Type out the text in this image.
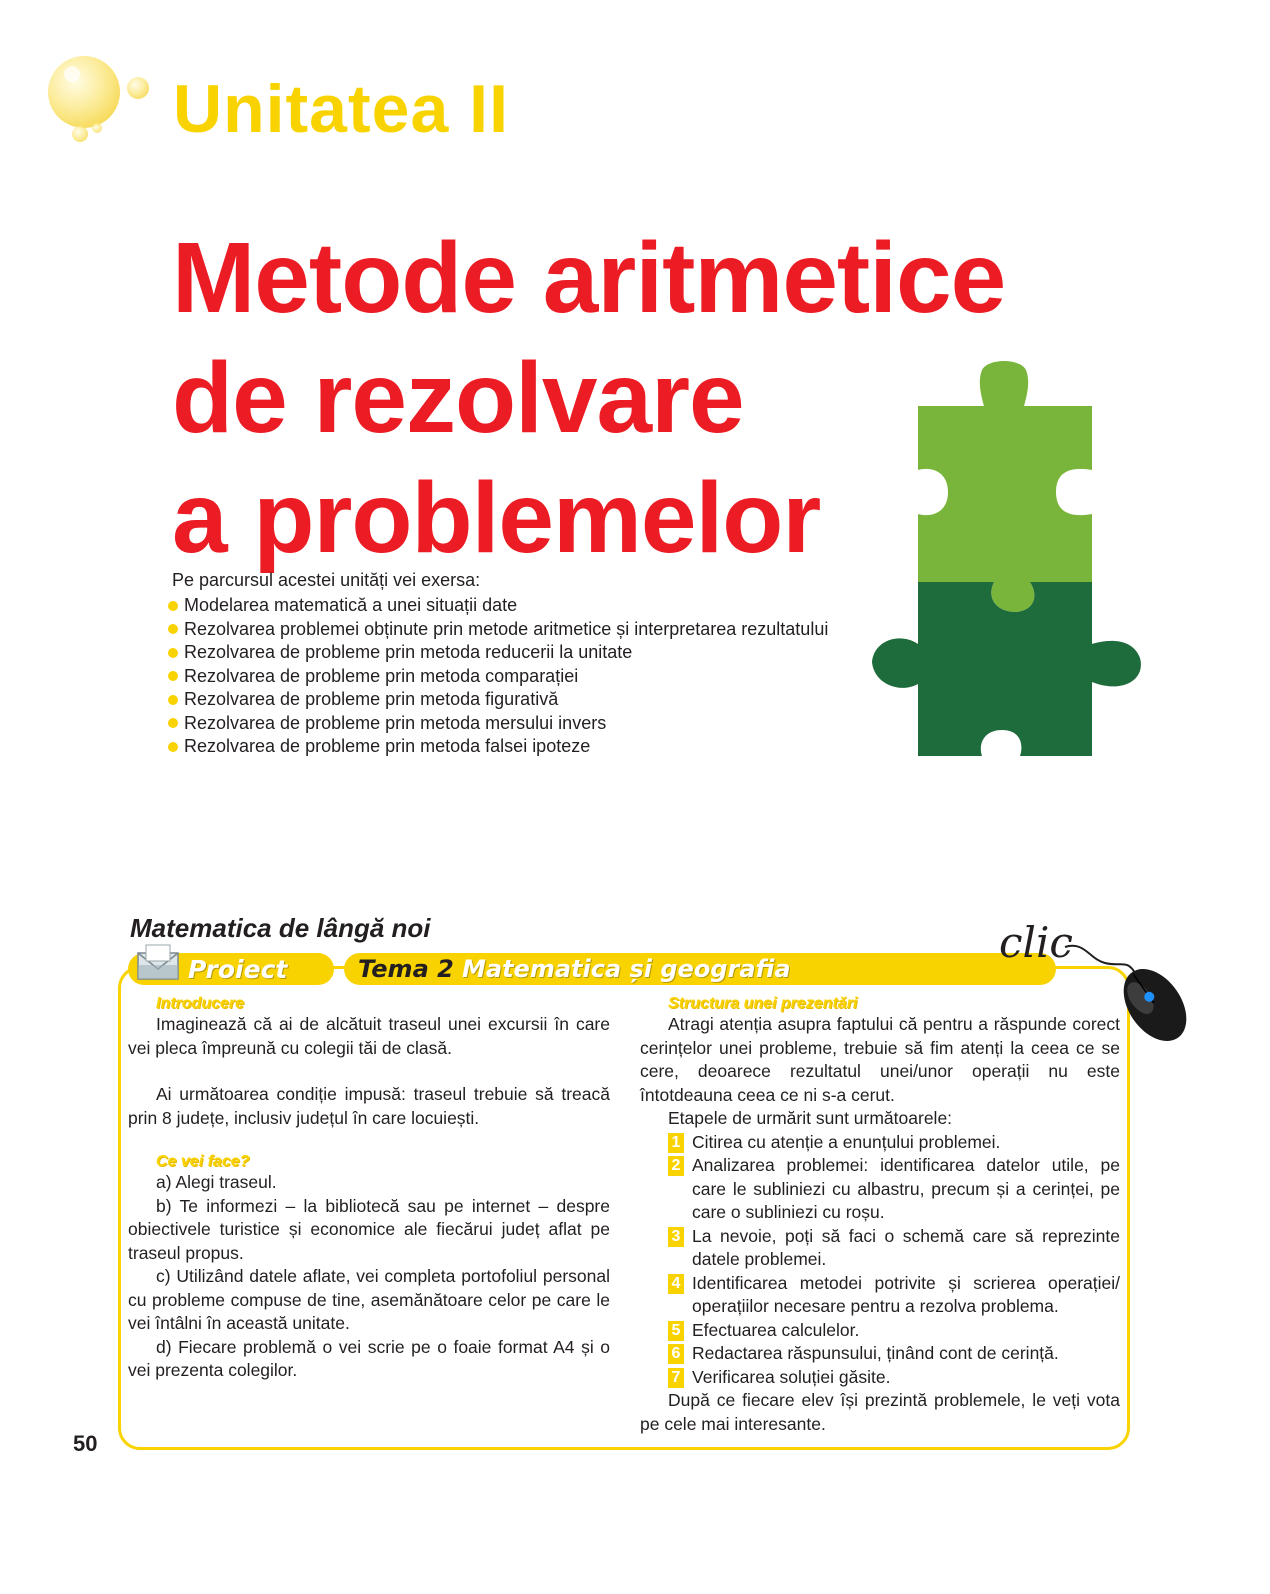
Unitatea II
Metode aritmetice
de rezolvare
a problemelor
Pe parcursul acestei unități vei exersa:
Modelarea matematică a unei situații date
Rezolvarea problemei obținute prin metode aritmetice și interpretarea rezultatului
Rezolvarea de probleme prin metoda reducerii la unitate
Rezolvarea de probleme prin metoda comparației
Rezolvarea de probleme prin metoda figurativă
Rezolvarea de probleme prin metoda mersului invers
Rezolvarea de probleme prin metoda falsei ipoteze
Matematica de lângă noi
Proiect	Tema 2 Matematica și geografia
clic
Introducere
Imaginează că ai de alcătuit traseul unei excursii în care vei pleca împreună cu colegii tăi de clasă.
Ai următoarea condiție impusă: traseul trebuie să treacă prin 8 județe, inclusiv județul în care locuiești.
Ce vei face?
a) Alegi traseul.
b) Te informezi – la bibliotecă sau pe internet – despre obiectivele turistice și economice ale fiecărui județ aflat pe traseul propus.
c) Utilizând datele aflate, vei completa portofoliul personal cu probleme compuse de tine, asemănătoare celor pe care le vei întâlni în această unitate.
d) Fiecare problemă o vei scrie pe o foaie format A4 și o vei prezenta colegilor.
Structura unei prezentări
Atragi atenția asupra faptului că pentru a răspunde corect cerințelor unei probleme, trebuie să fim atenți la ceea ce se cere, deoarece rezultatul unei/unor operații nu este întotdeauna ceea ce ni s-a cerut.
Etapele de urmărit sunt următoarele:
1 Citirea cu atenție a enunțului problemei.
2 Analizarea problemei: identificarea datelor utile, pe care le subliniezi cu albastru, precum și a cerinței, pe care o subliniezi cu roșu.
3 La nevoie, poți să faci o schemă care să reprezinte datele problemei.
4 Identificarea metodei potrivite și scrierea operației/ operațiilor necesare pentru a rezolva problema.
5 Efectuarea calculelor.
6 Redactarea răspunsului, ținând cont de cerință.
7 Verificarea soluției găsite.
După ce fiecare elev își prezintă problemele, le veți vota pe cele mai interesante.
50
